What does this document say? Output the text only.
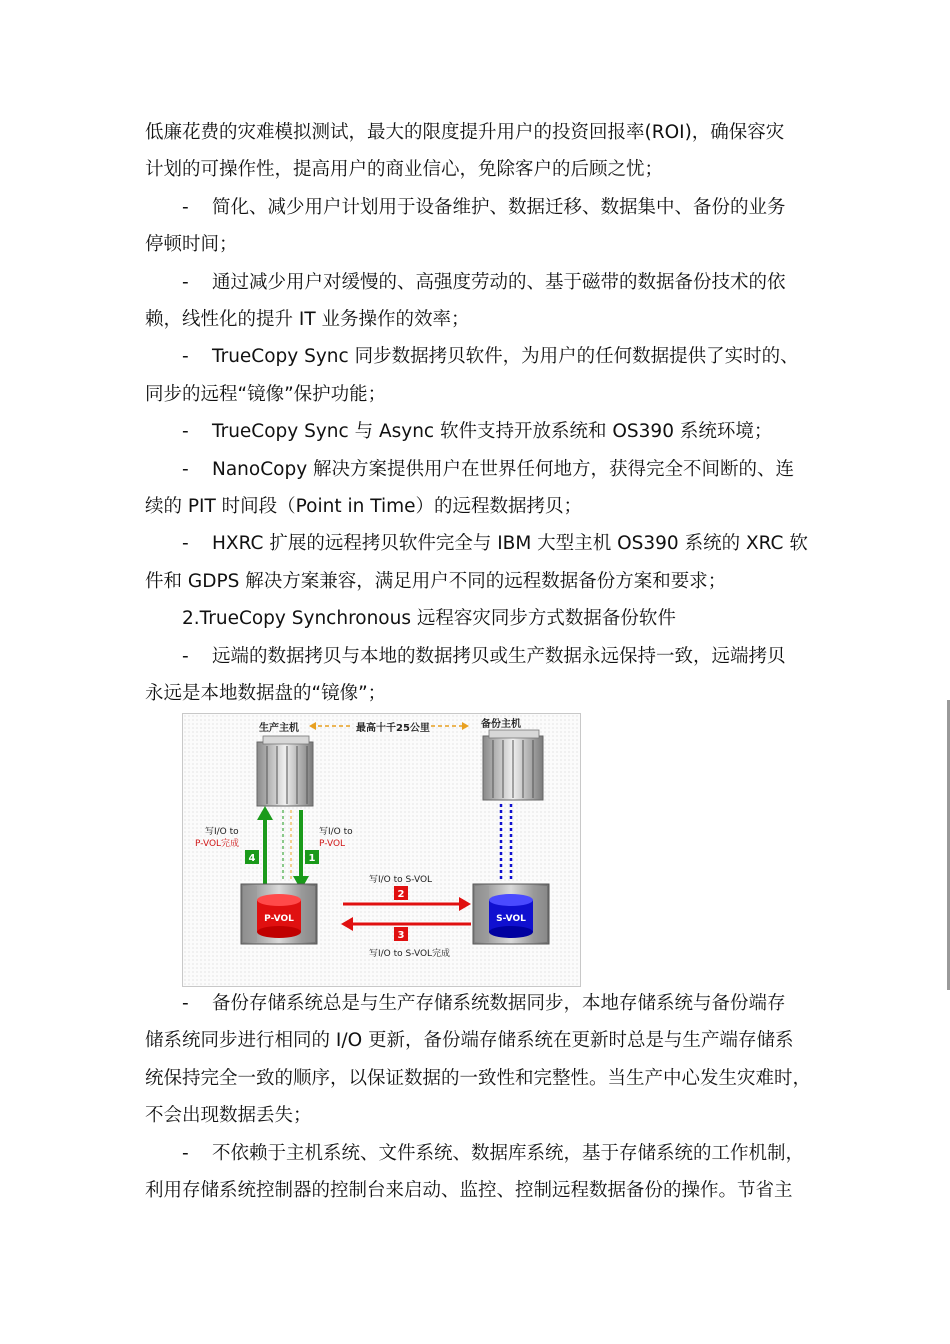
低廉花费的灾难模拟测试，最大的限度提升用户的投资回报率(ROI)，确保容灾
计划的可操作性，提高用户的商业信心，免除客户的后顾之忧；
- 简化、减少用户计划用于设备维护、数据迁移、数据集中、备份的业务
停顿时间；
- 通过减少用户对缓慢的、高强度劳动的、基于磁带的数据备份技术的依
赖，线性化的提升 IT 业务操作的效率；
- TrueCopy Sync 同步数据拷贝软件，为用户的任何数据提供了实时的、
同步的远程“镜像”保护功能；
- TrueCopy Sync 与 Async 软件支持开放系统和 OS390 系统环境；
- NanoCopy 解决方案提供用户在世界任何地方，获得完全不间断的、连
续的 PIT 时间段（Point in Time）的远程数据拷贝；
- HXRC 扩展的远程拷贝软件完全与 IBM 大型主机 OS390 系统的 XRC 软
件和 GDPS 解决方案兼容，满足用户不同的远程数据备份方案和要求；
2.TrueCopy Synchronous 远程容灾同步方式数据备份软件
- 远端的数据拷贝与本地的数据拷贝或生产数据永远保持一致，远端拷贝
永远是本地数据盘的“镜像”；
生产主机	最高十千25公里	备份主机
4	1
写I/O to
P-VOL完成
写I/O to
P-VOL
P-VOL	S-VOL
2
3
写I/O to S-VOL
写I/O to S-VOL完成
- 备份存储系统总是与生产存储系统数据同步，本地存储系统与备份端存
储系统同步进行相同的 I/O 更新，备份端存储系统在更新时总是与生产端存储系
统保持完全一致的顺序，以保证数据的一致性和完整性。当生产中心发生灾难时，
不会出现数据丢失；
- 不依赖于主机系统、文件系统、数据库系统，基于存储系统的工作机制，
利用存储系统控制器的控制台来启动、监控、控制远程数据备份的操作。节省主
